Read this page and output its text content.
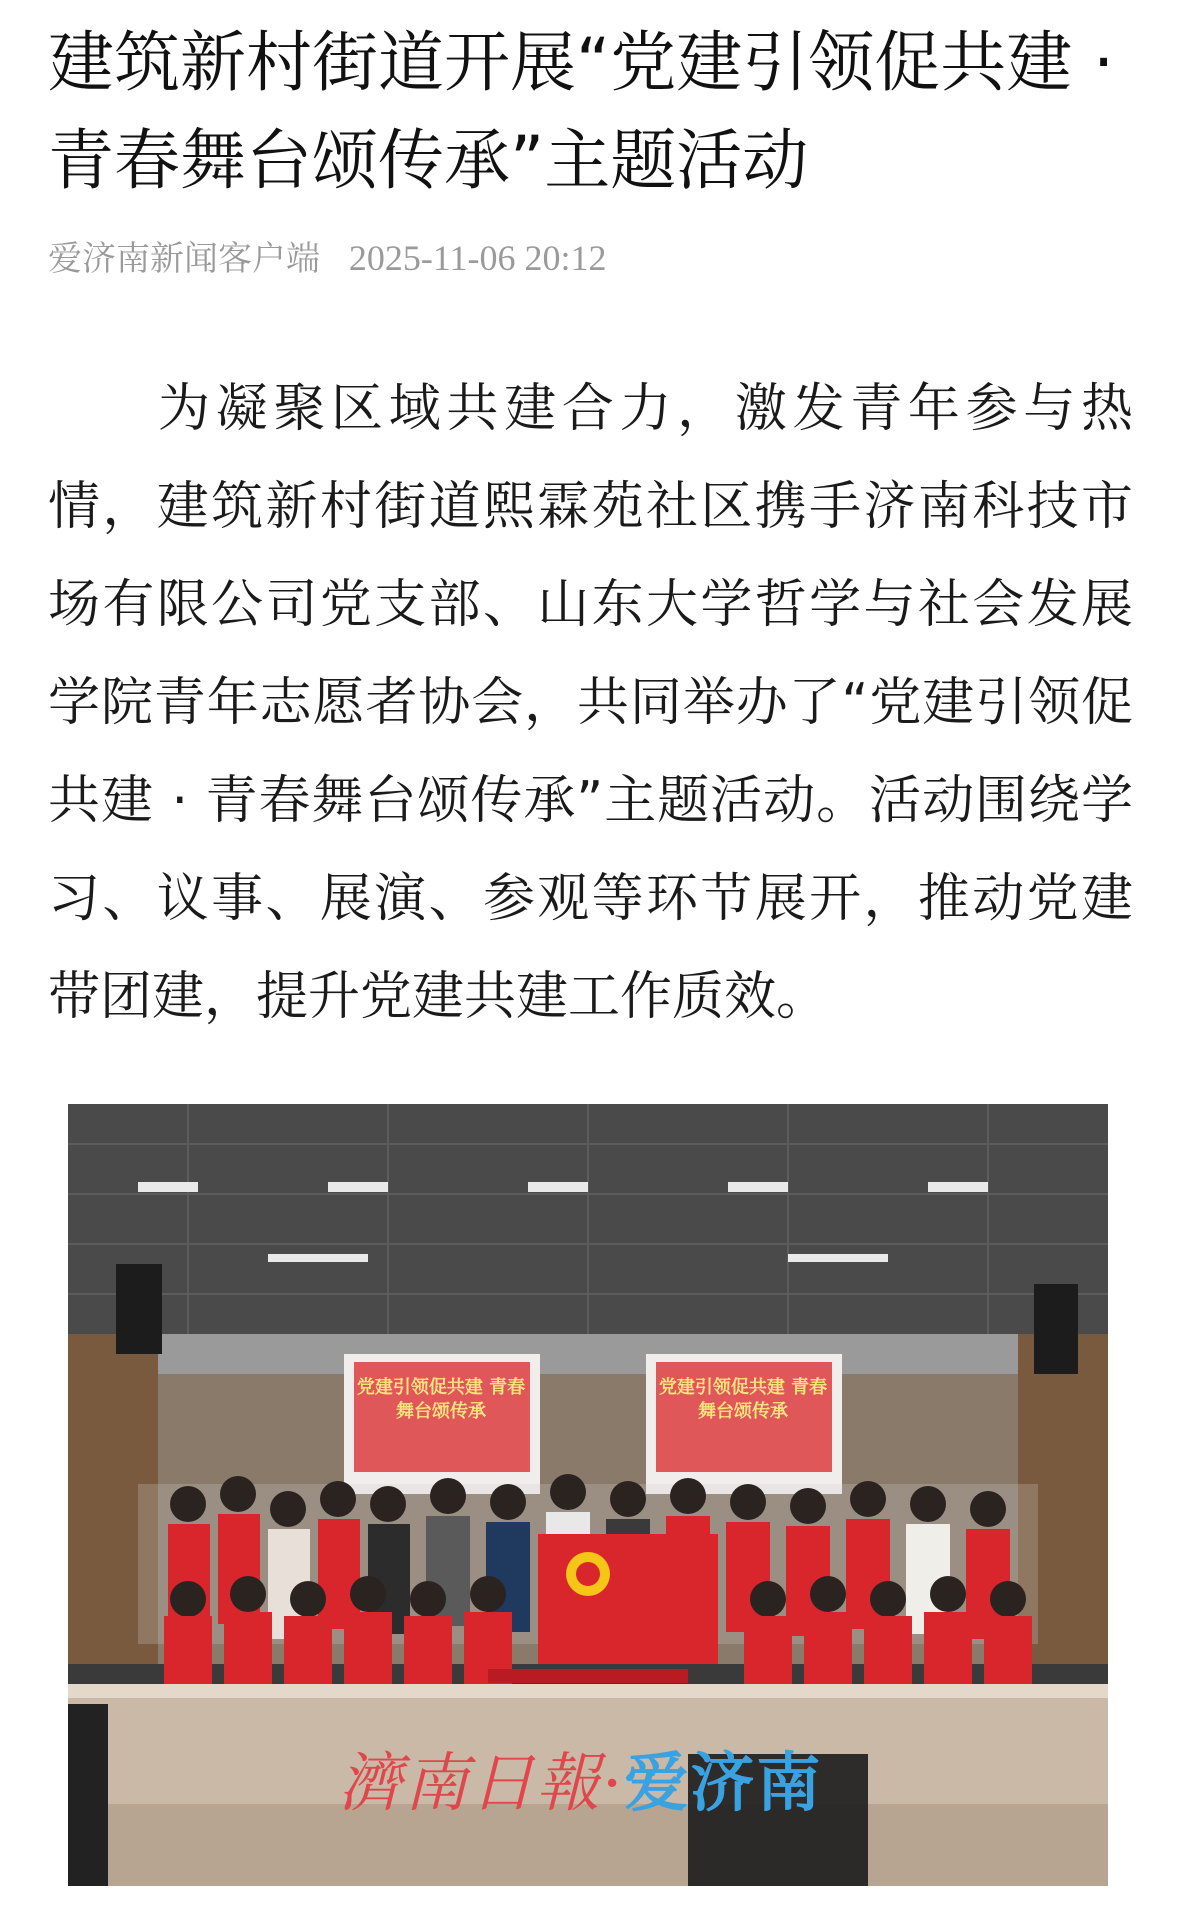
建筑新村街道开展“党建引领促共建 · 青春舞台颂传承”主题活动
爱济南新闻客户端 2025-11-06 20:12

为凝聚区域共建合力，激发青年参与热情，建筑新村街道熙霖苑社区携手济南科技市场有限公司党支部、山东大学哲学与社会发展学院青年志愿者协会，共同举办了“党建引领促共建 · 青春舞台颂传承”主题活动。活动围绕学习、议事、展演、参观等环节展开，推动党建带团建，提升党建共建工作质效。

党建引领促共建 青春舞台颂传承
党建引领促共建 青春舞台颂传承
濟南日報·爱济南
